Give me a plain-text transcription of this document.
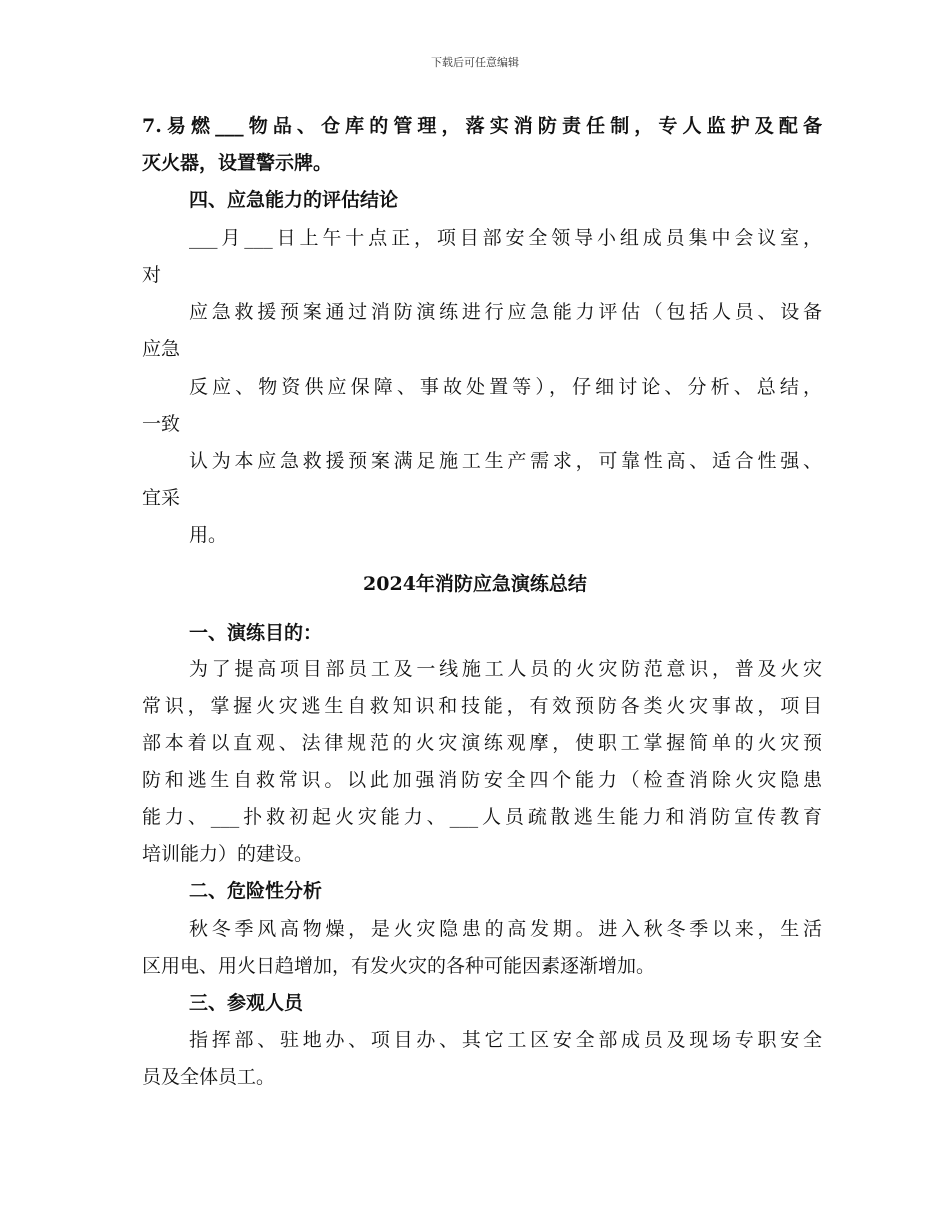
下载后可任意编辑
7.易燃___物品、仓库的管理，落实消防责任制，专人监护及配备
灭火器，设置警示牌。
四、应急能力的评估结论
___月___日上午十点正，项目部安全领导小组成员集中会议室，
对
应急救援预案通过消防演练进行应急能力评估（包括人员、设备
应急
反应、物资供应保障、事故处置等），仔细讨论、分析、总结，
一致
认为本应急救援预案满足施工生产需求，可靠性高、适合性强、
宜采
用。
2024年消防应急演练总结
一、演练目的：
为了提高项目部员工及一线施工人员的火灾防范意识，普及火灾
常识，掌握火灾逃生自救知识和技能，有效预防各类火灾事故，项目
部本着以直观、法律规范的火灾演练观摩，使职工掌握简单的火灾预
防和逃生自救常识。以此加强消防安全四个能力（检查消除火灾隐患
能力、___扑救初起火灾能力、___人员疏散逃生能力和消防宣传教育
培训能力）的建设。
二、危险性分析
秋冬季风高物燥，是火灾隐患的高发期。进入秋冬季以来，生活
区用电、用火日趋增加，有发火灾的各种可能因素逐渐增加。
三、参观人员
指挥部、驻地办、项目办、其它工区安全部成员及现场专职安全
员及全体员工。
